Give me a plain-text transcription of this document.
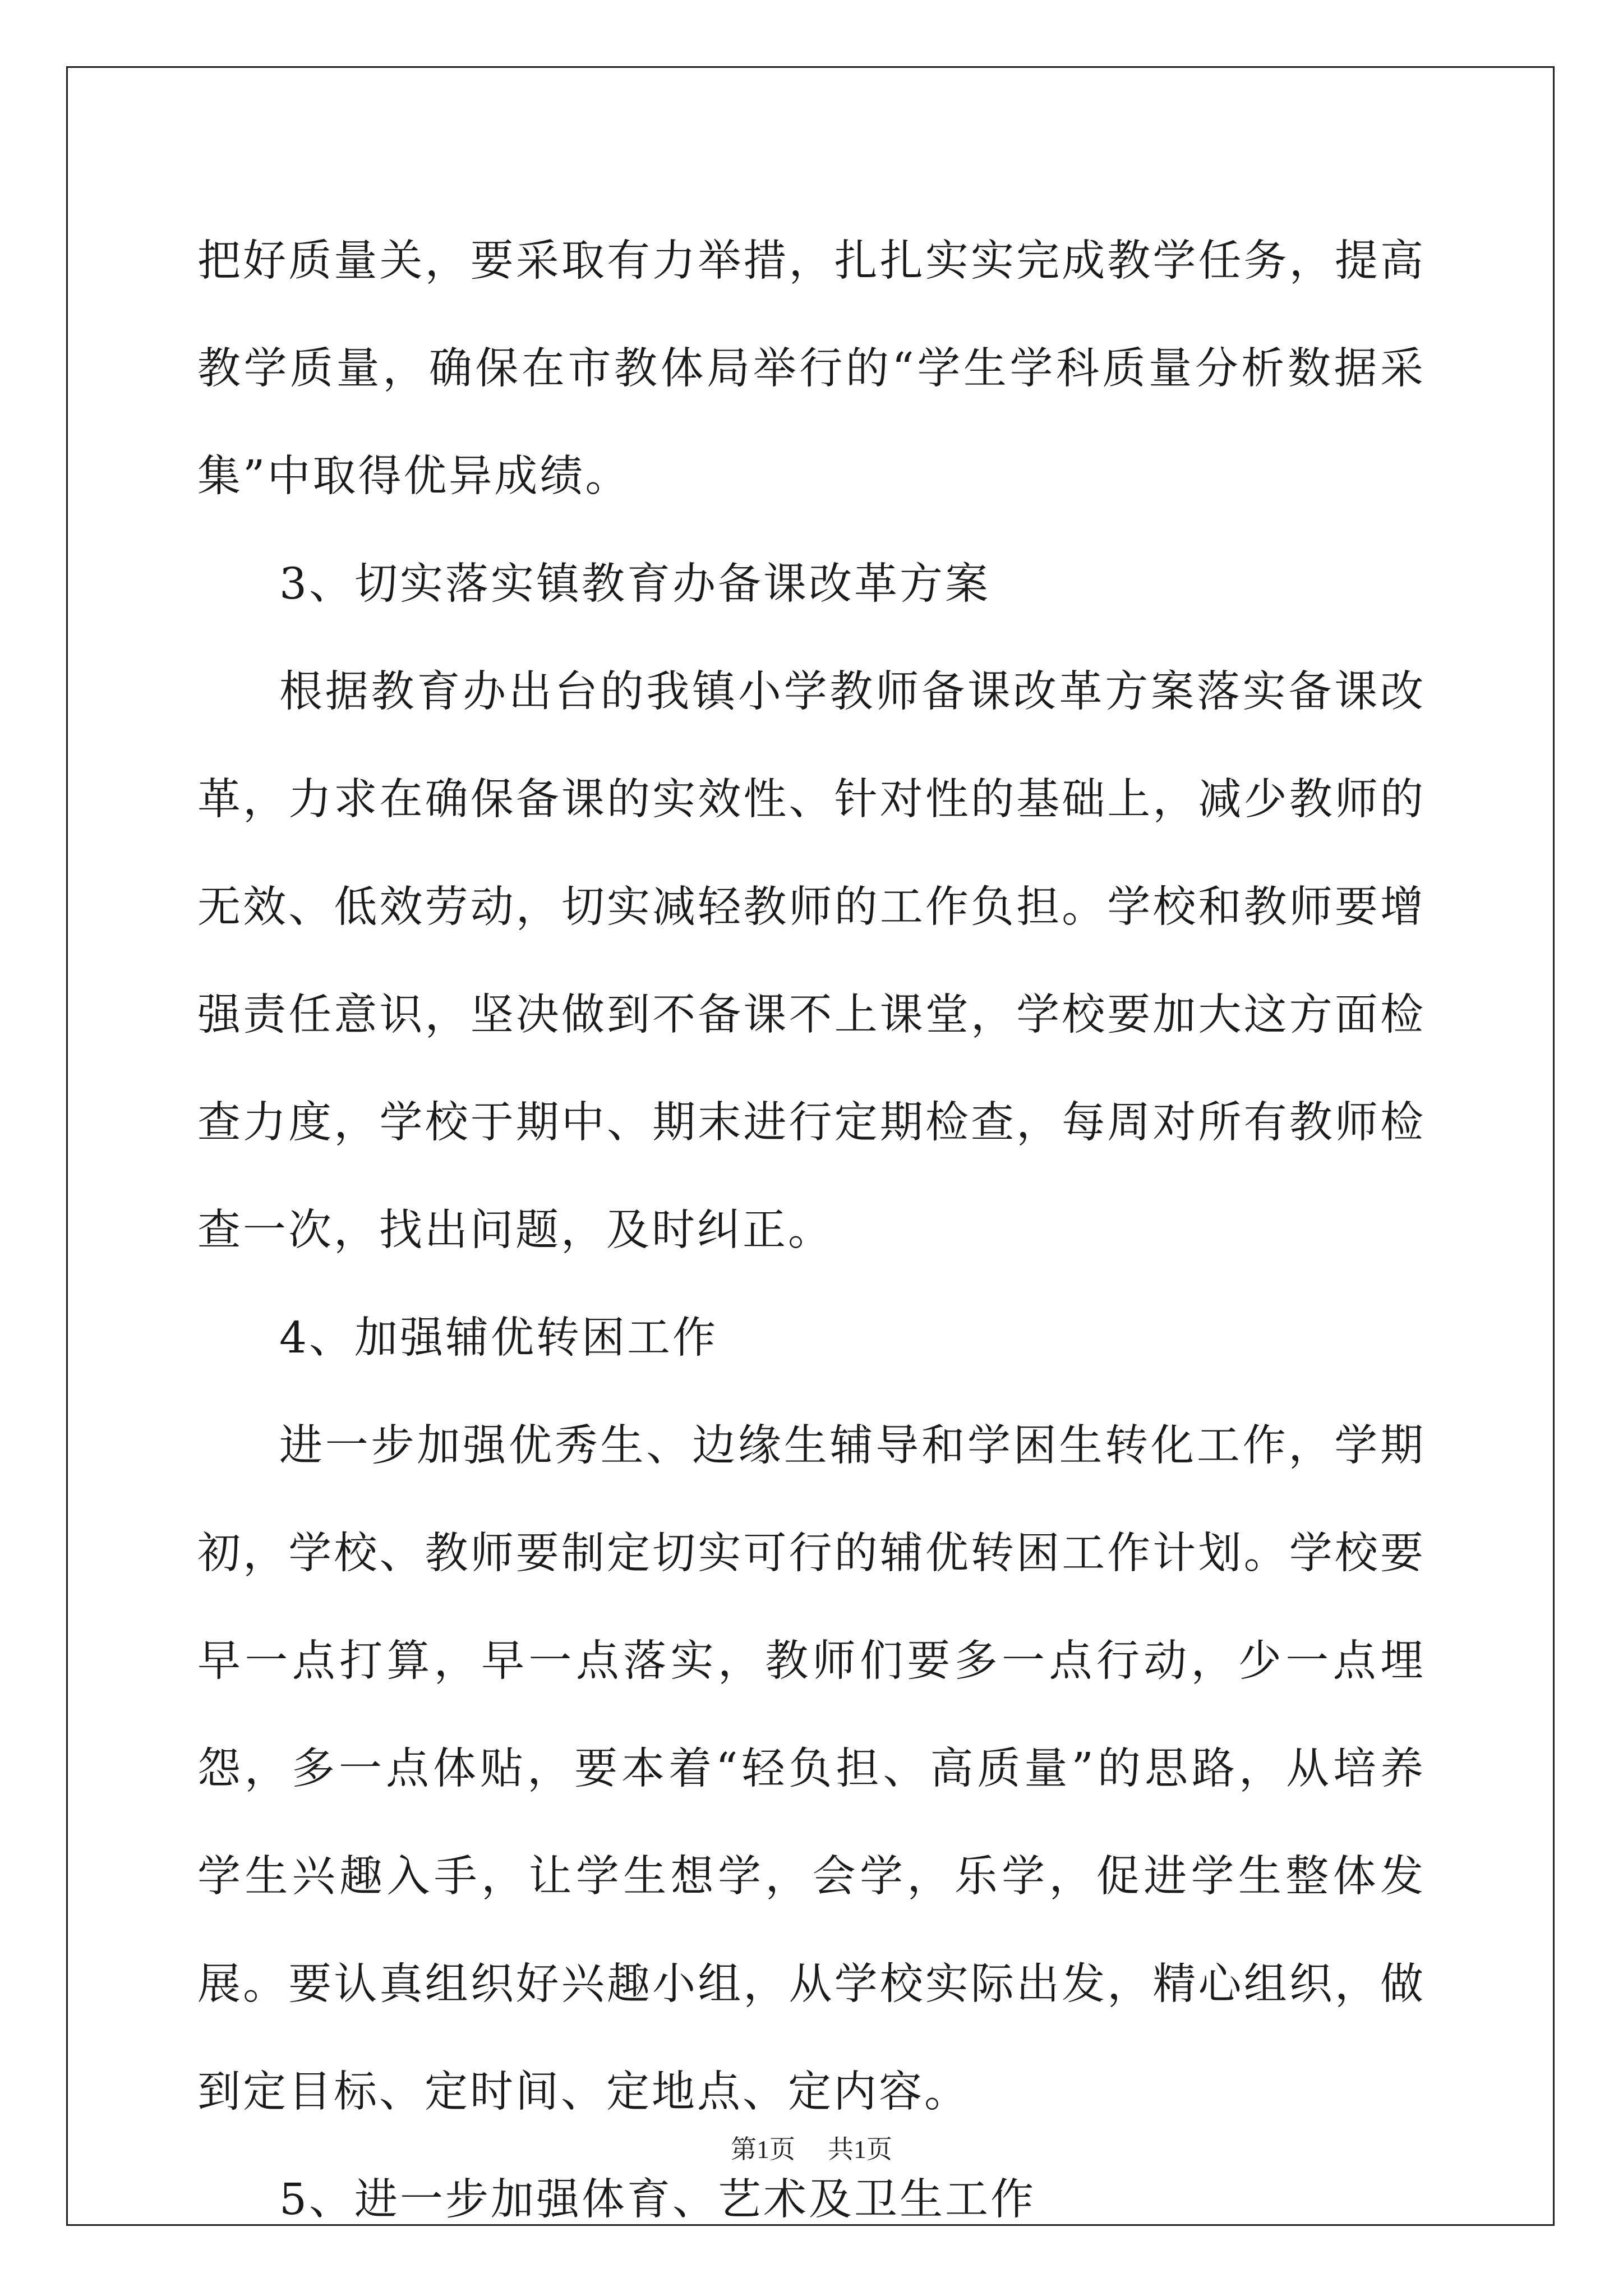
把好质量关，要采取有力举措，扎扎实实完成教学任务，提高教学质量，确保在市教体局举行的“学生学科质量分析数据采集”中取得优异成绩。

3、切实落实镇教育办备课改革方案

根据教育办出台的我镇小学教师备课改革方案落实备课改革，力求在确保备课的实效性、针对性的基础上，减少教师的无效、低效劳动，切实减轻教师的工作负担。学校和教师要增强责任意识，坚决做到不备课不上课堂，学校要加大这方面检查力度，学校于期中、期末进行定期检查，每周对所有教师检查一次，找出问题，及时纠正。

4、加强辅优转困工作

进一步加强优秀生、边缘生辅导和学困生转化工作，学期初，学校、教师要制定切实可行的辅优转困工作计划。学校要早一点打算，早一点落实，教师们要多一点行动，少一点埋怨，多一点体贴，要本着“轻负担、高质量”的思路，从培养学生兴趣入手，让学生想学，会学，乐学，促进学生整体发展。要认真组织好兴趣小组，从学校实际出发，精心组织，做到定目标、定时间、定地点、定内容。

5、进一步加强体育、艺术及卫生工作

第1页 共1页
